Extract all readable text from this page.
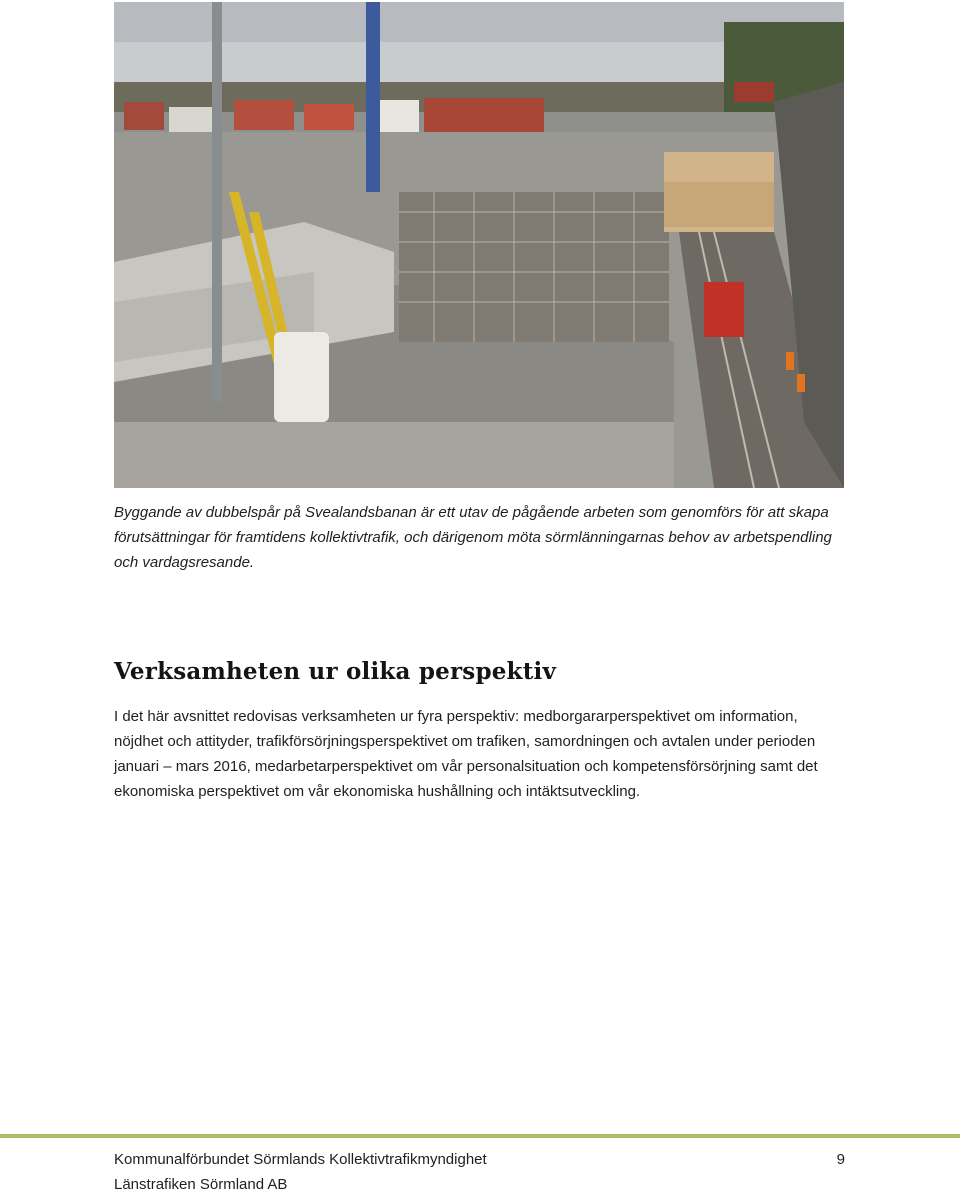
Byggande av dubbelspår på Svealandsbanan är ett utav de pågående arbeten som genomförs för att skapa förutsättningar för framtidens kollektivtrafik, och därigenom möta sörmlänningarnas behov av arbetspendling och vardagsresande.

Verksamheten ur olika perspektiv

I det här avsnittet redovisas verksamheten ur fyra perspektiv: medborgararperspektivet om information, nöjdhet och attityder, trafikförsörjningsperspektivet om trafiken, samordningen och avtalen under perioden januari – mars 2016, medarbetarperspektivet om vår personalsituation och kompetensförsörjning samt det ekonomiska perspektivet om vår ekonomiska hushållning och intäktsutveckling.

Kommunalförbundet Sörmlands Kollektivtrafikmyndighet
Länstrafiken Sörmland AB
9
